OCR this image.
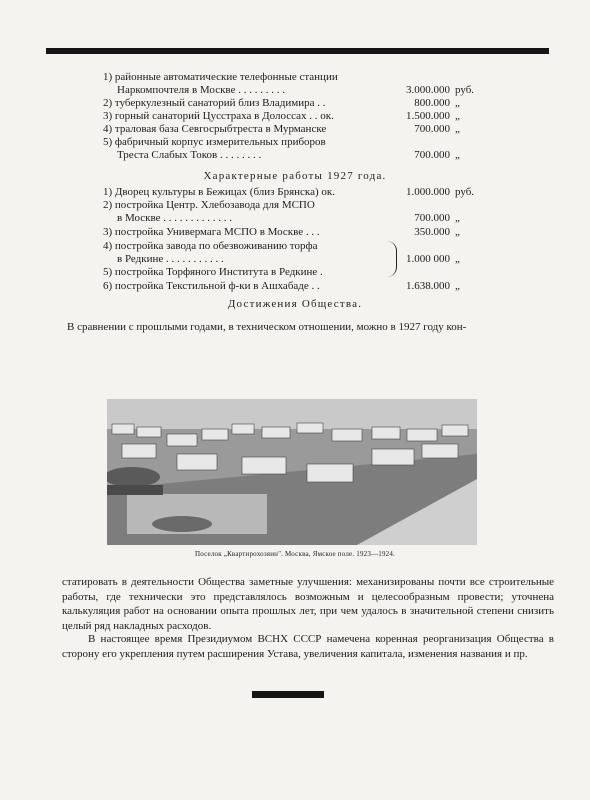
1) районные автоматические телефонные станции
Наркомпочтеля в Москве . . . . . . . . .	3.000.000 руб.
2) туберкулезный санаторий близ Владимира . .	800.000 „
3) горный санаторий Цусстраха в Долоссах . . ок.	1.500.000 „
4) траловая база Севгосрыбтреста в Мурманске	700.000 „
5) фабричный корпус измерительных приборов
Треста Слабых Токов . . . . . . . .	700.000 „
Характерные работы 1927 года.
1) Дворец культуры в Бежицах (близ Брянска) ок.	1.000.000 руб.
2) постройка Центр. Хлебозавода для МСПО
в Москве . . . . . . . . . . . . .	700.000 „
3) постройка Универмага МСПО в Москве . . .	350.000 „
4) постройка завода по обезвоживанию торфа
в Редкине . . . . . . . . . . .	1.000 000 „
5) постройка Торфяного Института в Редкине .
6) постройка Текстильной ф-ки в Ашхабаде . .	1.638.000 „
Достижения Общества.
В сравнении с прошлыми годами, в техническом отношении, можно в 1927 году кон-
Поселок „Квартирохозяин". Москва, Ямское поле. 1923—1924.
статировать в деятельности Общества заметные улучшения: механизированы почти все строительные работы, где технически это представлялось возможным и целесообразным провести; уточнена калькуляция работ на основании опыта прошлых лет, при чем удалось в значительной степени снизить целый ряд накладных расходов.
В настоящее время Президиумом ВСНХ СССР намечена коренная реорганизация Общества в сторону его укрепления путем расширения Устава, увеличения капитала, изменения названия и пр.
